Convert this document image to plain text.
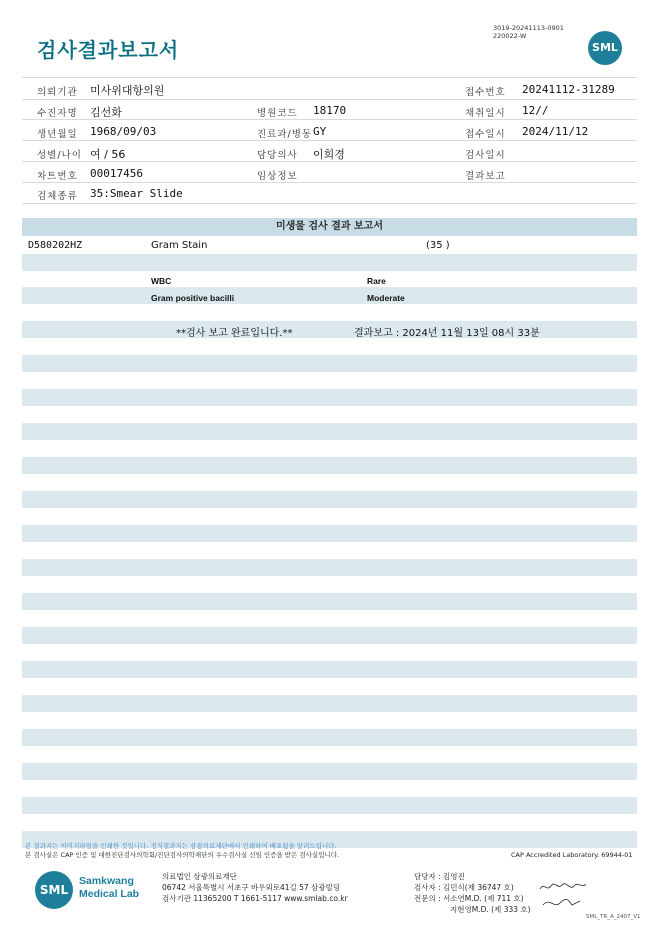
검사결과보고서
3019-20241113-0901
220022-W
SML
의뢰기관 미사위대항의원	접수번호 20241112-31289
수진자명 김선화	병원코드 18170	채취일시 12//
생년월일 1968/09/03	진료과/병동 GY	접수일시 2024/11/12
성별/나이 여 / 56	담당의사 이희경	검사일시
차트번호 00017456	임상정보	결과보고
검체종류 35:Smear Slide
미생물 검사 결과 보고서
D580202HZ	Gram Stain	(35 )
WBC	Rare
Gram positive bacilli	Moderate
**검사 보고 완료입니다.**	결과보고 : 2024년 11월 13일 08시 33분
본 결과지는 이미지파일을 인쇄한 것입니다. 정식결과지는 삼광의료재단에서 인쇄하여 배포됨을 알려드립니다.
본 검사실은 CAP 인증 및 대한진단검사의학회/진단검사의학재단의 우수검사실 신임 인증을 받은 검사실입니다.	CAP Accredited Laboratory. 69944-01
SML
Samkwang
Medical Lab
의료법인 삼광의료재단
06742 서울특별시 서초구 바우뫼로41길 57 삼광빌딩
검사기관 11365200 T 1661-5117 www.smlab.co.kr
담당자 : 김영진
검사자 : 김민식(제 36747 호)
전문의 : 서소연M.D. (제 711 호)
지현영M.D. (제 333 호)
SML_TR_A_2407_V1
